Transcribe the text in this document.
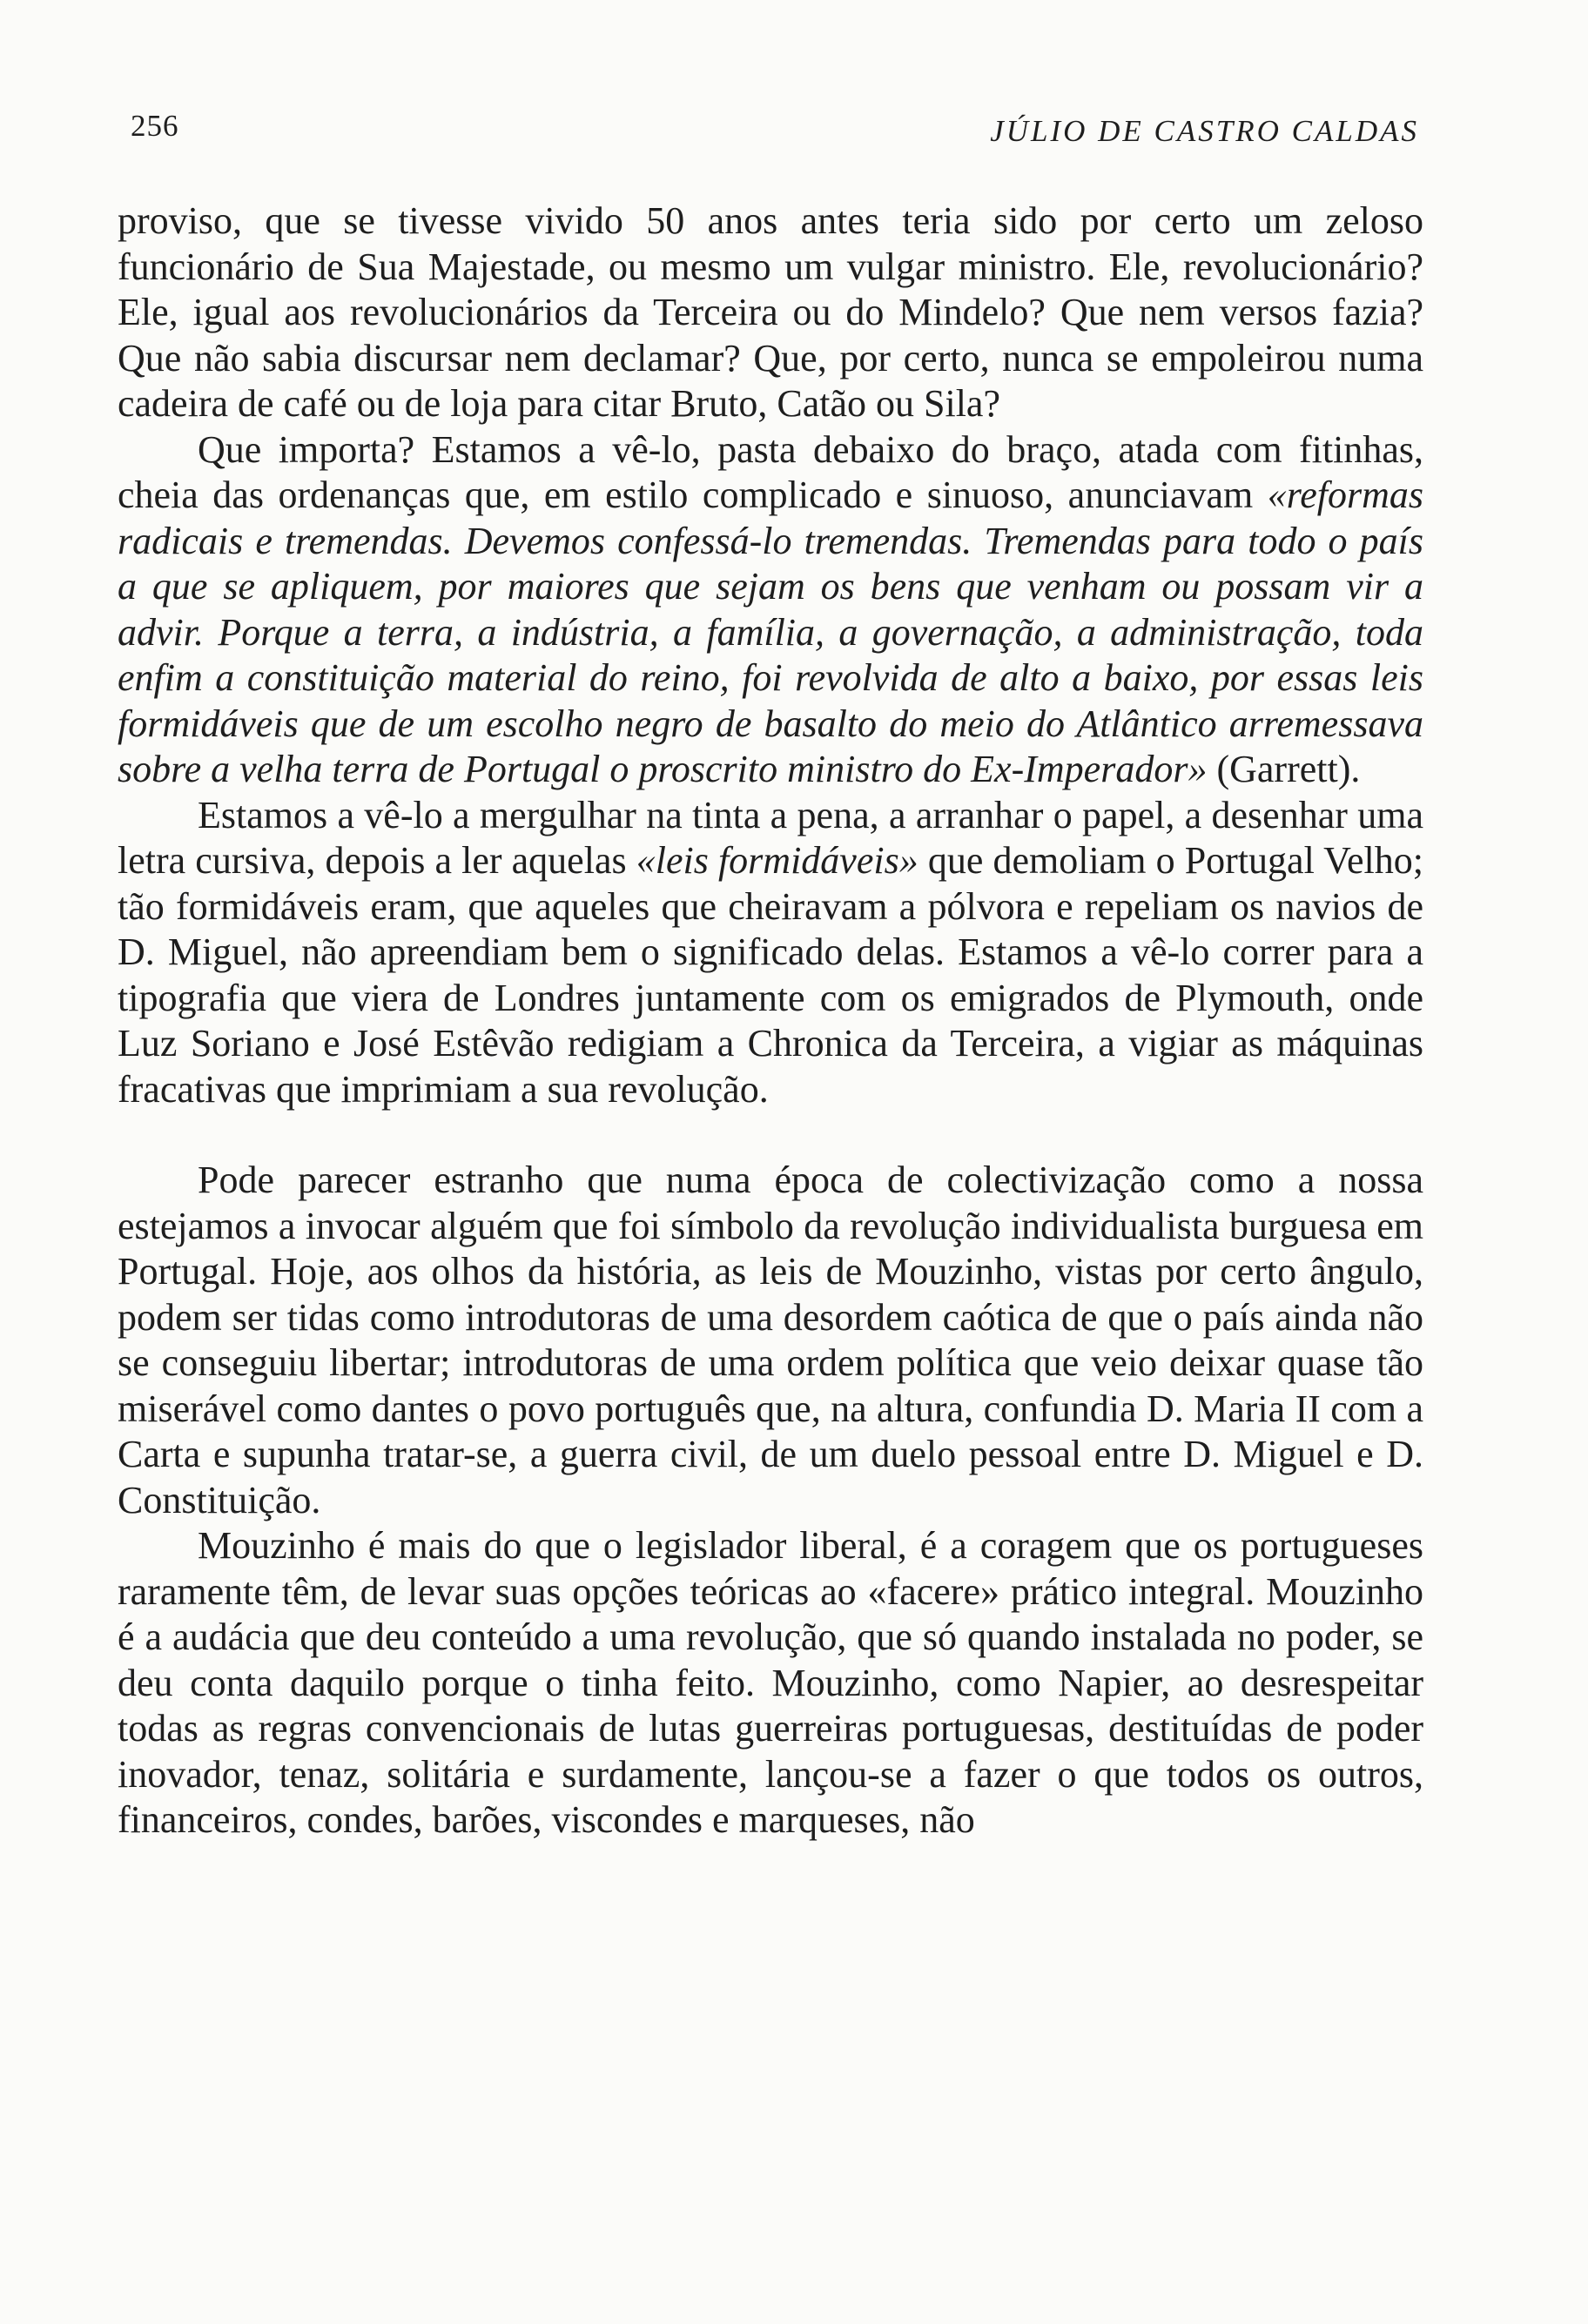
256	JÚLIO DE CASTRO CALDAS

proviso, que se tivesse vivido 50 anos antes teria sido por certo um zeloso funcionário de Sua Majestade, ou mesmo um vulgar ministro. Ele, revolucionário? Ele, igual aos revolucionários da Terceira ou do Mindelo? Que nem versos fazia? Que não sabia discursar nem declamar? Que, por certo, nunca se empoleirou numa cadeira de café ou de loja para citar Bruto, Catão ou Sila?

Que importa? Estamos a vê-lo, pasta debaixo do braço, atada com fitinhas, cheia das ordenanças que, em estilo complicado e sinuoso, anunciavam «reformas radicais e tremendas. Devemos confessá-lo tremendas. Tremendas para todo o país a que se apliquem, por maiores que sejam os bens que venham ou possam vir a advir. Porque a terra, a indústria, a família, a governação, a administração, toda enfim a constituição material do reino, foi revolvida de alto a baixo, por essas leis formidáveis que de um escolho negro de basalto do meio do Atlântico arremessava sobre a velha terra de Portugal o proscrito ministro do Ex-Imperador» (Garrett).

Estamos a vê-lo a mergulhar na tinta a pena, a arranhar o papel, a desenhar uma letra cursiva, depois a ler aquelas «leis formidáveis» que demoliam o Portugal Velho; tão formidáveis eram, que aqueles que cheiravam a pólvora e repeliam os navios de D. Miguel, não apreendiam bem o significado delas. Estamos a vê-lo correr para a tipografia que viera de Londres juntamente com os emigrados de Plymouth, onde Luz Soriano e José Estêvão redigiam a Chronica da Terceira, a vigiar as máquinas fracativas que imprimiam a sua revolução.

Pode parecer estranho que numa época de colectivização como a nossa estejamos a invocar alguém que foi símbolo da revolução individualista burguesa em Portugal. Hoje, aos olhos da história, as leis de Mouzinho, vistas por certo ângulo, podem ser tidas como introdutoras de uma desordem caótica de que o país ainda não se conseguiu libertar; introdutoras de uma ordem política que veio deixar quase tão miserável como dantes o povo português que, na altura, confundia D. Maria II com a Carta e supunha tratar-se, a guerra civil, de um duelo pessoal entre D. Miguel e D. Constituição.

Mouzinho é mais do que o legislador liberal, é a coragem que os portugueses raramente têm, de levar suas opções teóricas ao «facere» prático integral. Mouzinho é a audácia que deu conteúdo a uma revolução, que só quando instalada no poder, se deu conta daquilo porque o tinha feito. Mouzinho, como Napier, ao desrespeitar todas as regras convencionais de lutas guerreiras portuguesas, destituídas de poder inovador, tenaz, solitária e surdamente, lançou-se a fazer o que todos os outros, financeiros, condes, barões, viscondes e marqueses, não
